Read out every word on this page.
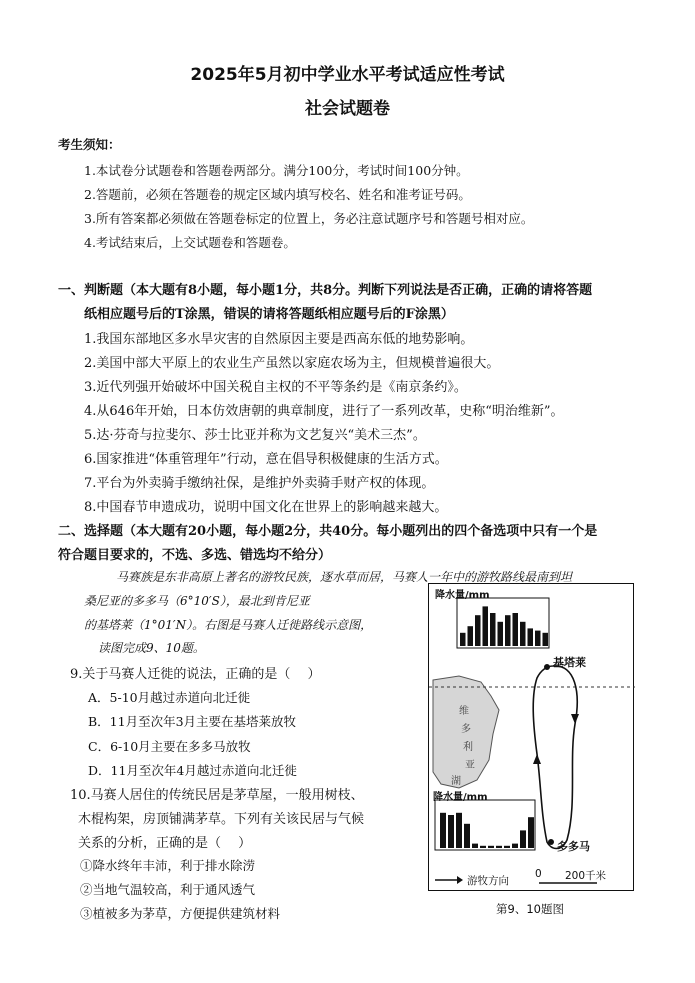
2025年5月初中学业水平考试适应性考试
社会试题卷
考生须知：
1.本试卷分试题卷和答题卷两部分。满分100分，考试时间100分钟。
2.答题前，必须在答题卷的规定区域内填写校名、姓名和准考证号码。
3.所有答案都必须做在答题卷标定的位置上，务必注意试题序号和答题号相对应。
4.考试结束后，上交试题卷和答题卷。
一、判断题（本大题有8小题，每小题1分，共8分。判断下列说法是否正确，正确的请将答题
纸相应题号后的T涂黑，错误的请将答题纸相应题号后的F涂黑）
1.我国东部地区多水旱灾害的自然原因主要是西高东低的地势影响。
2.美国中部大平原上的农业生产虽然以家庭农场为主，但规模普遍很大。
3.近代列强开始破坏中国关税自主权的不平等条约是《南京条约》。
4.从646年开始，日本仿效唐朝的典章制度，进行了一系列改革，史称“明治维新”。
5.达·芬奇与拉斐尔、莎士比亚并称为文艺复兴“美术三杰”。
6.国家推进“体重管理年”行动，意在倡导积极健康的生活方式。
7.平台为外卖骑手缴纳社保，是维护外卖骑手财产权的体现。
8.中国春节申遗成功，说明中国文化在世界上的影响越来越大。
二、选择题（本大题有20小题，每小题2分，共40分。每小题列出的四个备选项中只有一个是
符合题目要求的，不选、多选、错选均不给分）
马赛族是东非高原上著名的游牧民族，逐水草而居，马赛人一年中的游牧路线最南到坦
桑尼亚的多多马（6°10′S），最北到肯尼亚
的基塔莱（1°01′N）。右图是马赛人迁徙路线示意图，
读图完成9、10题。
9.关于马赛人迁徙的说法，正确的是（　 ）
A．5-10月越过赤道向北迁徙
B．11月至次年3月主要在基塔莱放牧
C．6-10月主要在多多马放牧
D．11月至次年4月越过赤道向北迁徙
10.马赛人居住的传统民居是茅草屋，一般用树枝、
木棍构架，房顶铺满茅草。下列有关该民居与气候
关系的分析，正确的是（　 ）
①降水终年丰沛，利于排水除涝
②当地气温较高，利于通风透气
③植被多为茅草，方便提供建筑材料
降水量/mm
降水量/mm
基塔莱
多多马
维
多
利
亚
湖
游牧方向
0 200千米
第9、10题图
